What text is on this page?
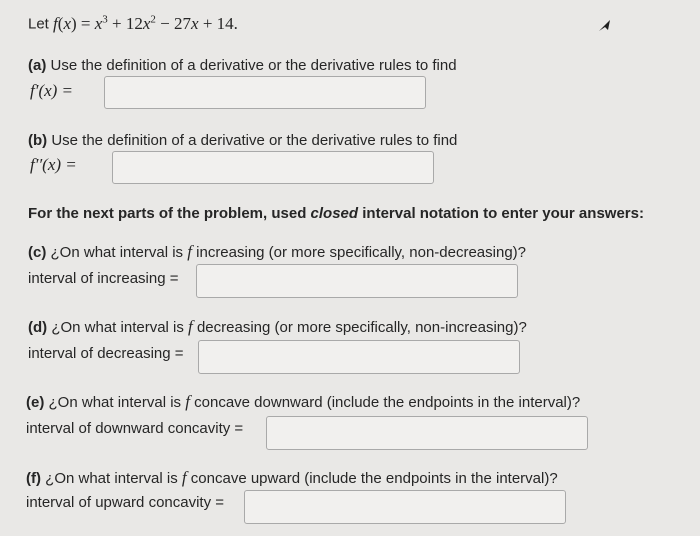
Let $f(x) = x^3 + 12x^2 - 27x + 14$.
(a) Use the definition of a derivative or the derivative rules to find
f′(x) =
(b) Use the definition of a derivative or the derivative rules to find
f′′(x) =
For the next parts of the problem, used closed interval notation to enter your answers:
(c) ¿On what interval is f increasing (or more specifically, non-decreasing)?
interval of increasing =
(d) ¿On what interval is f decreasing (or more specifically, non-increasing)?
interval of decreasing =
(e) ¿On what interval is f concave downward (include the endpoints in the interval)?
interval of downward concavity =
(f) ¿On what interval is f concave upward (include the endpoints in the interval)?
interval of upward concavity =
